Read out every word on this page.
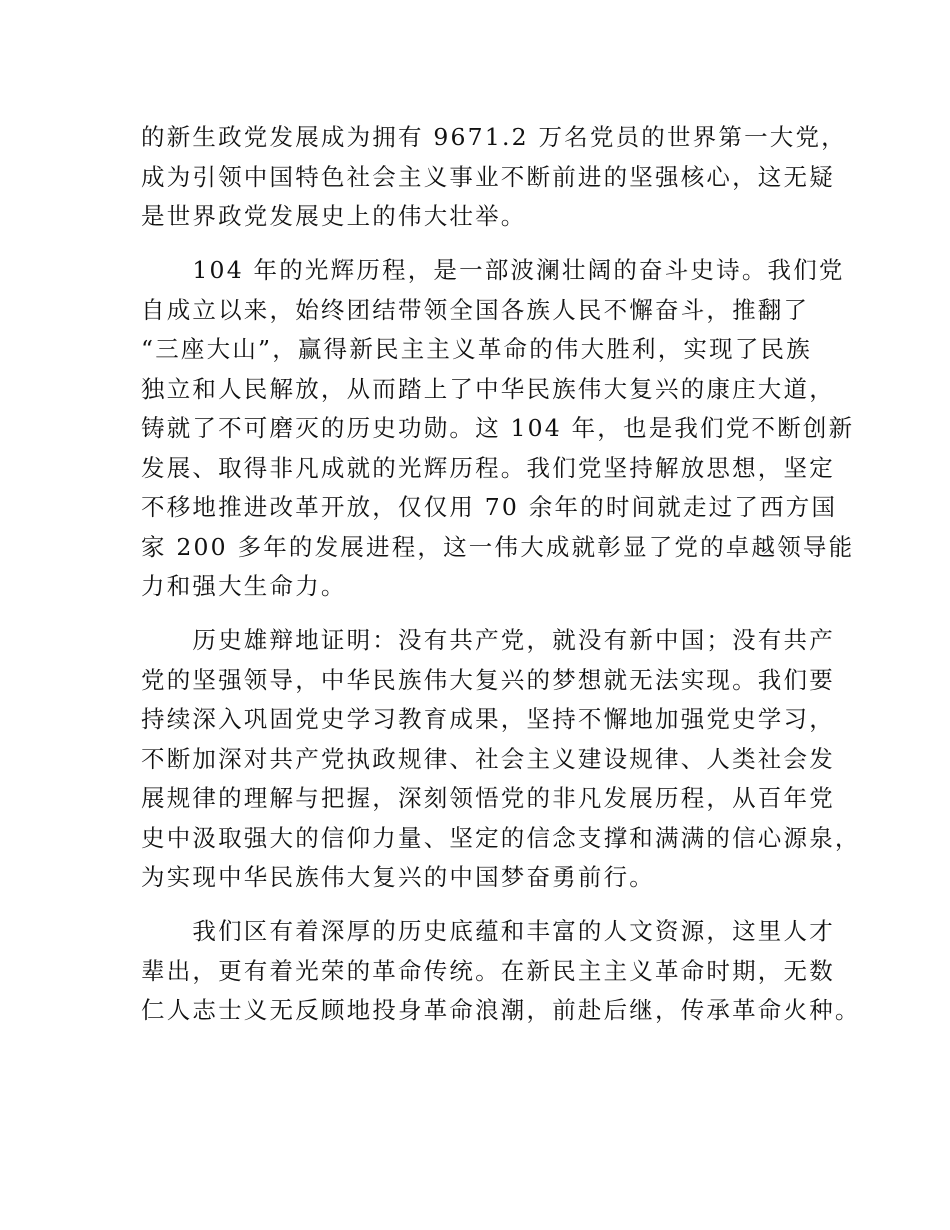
的新生政党发展成为拥有 9671.2 万名党员的世界第一大党，
成为引领中国特色社会主义事业不断前进的坚强核心，这无疑
是世界政党发展史上的伟大壮举。
　　104 年的光辉历程，是一部波澜壮阔的奋斗史诗。我们党
自成立以来，始终团结带领全国各族人民不懈奋斗，推翻了
“三座大山”，赢得新民主主义革命的伟大胜利，实现了民族
独立和人民解放，从而踏上了中华民族伟大复兴的康庄大道，
铸就了不可磨灭的历史功勋。这 104 年，也是我们党不断创新
发展、取得非凡成就的光辉历程。我们党坚持解放思想，坚定
不移地推进改革开放，仅仅用 70 余年的时间就走过了西方国
家 200 多年的发展进程，这一伟大成就彰显了党的卓越领导能
力和强大生命力。
　　历史雄辩地证明：没有共产党，就没有新中国；没有共产
党的坚强领导，中华民族伟大复兴的梦想就无法实现。我们要
持续深入巩固党史学习教育成果，坚持不懈地加强党史学习，
不断加深对共产党执政规律、社会主义建设规律、人类社会发
展规律的理解与把握，深刻领悟党的非凡发展历程，从百年党
史中汲取强大的信仰力量、坚定的信念支撑和满满的信心源泉，
为实现中华民族伟大复兴的中国梦奋勇前行。
　　我们区有着深厚的历史底蕴和丰富的人文资源，这里人才
辈出，更有着光荣的革命传统。在新民主主义革命时期，无数
仁人志士义无反顾地投身革命浪潮，前赴后继，传承革命火种。
